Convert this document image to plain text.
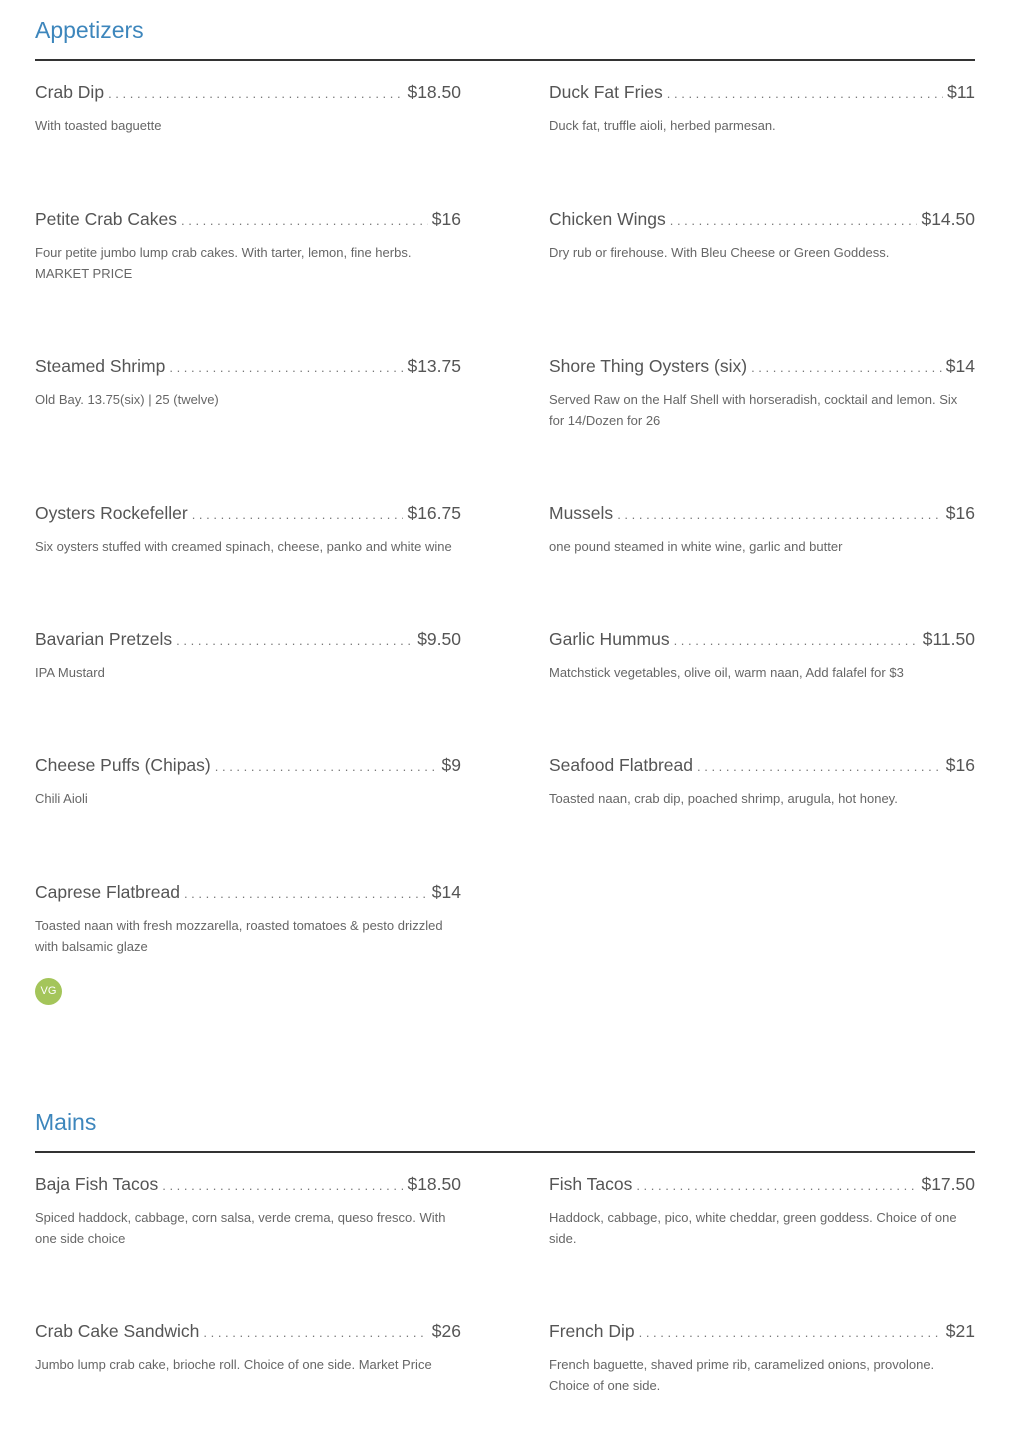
Appetizers
Crab Dip . . .	$18.50
With toasted baguette
Duck Fat Fries . . .	$11
Duck fat, truffle aioli, herbed parmesan.
Petite Crab Cakes . . .	$16
Four petite jumbo lump crab cakes. With tarter, lemon, fine herbs. MARKET PRICE
Chicken Wings . . .	$14.50
Dry rub or firehouse. With Bleu Cheese or Green Goddess.
Steamed Shrimp . . .	$13.75
Old Bay. 13.75(six) | 25 (twelve)
Shore Thing Oysters (six) . . .	$14
Served Raw on the Half Shell with horseradish, cocktail and lemon. Six for 14/Dozen for 26
Oysters Rockefeller . . .	$16.75
Six oysters stuffed with creamed spinach, cheese, panko and white wine
Mussels . . .	$16
one pound steamed in white wine, garlic and butter
Bavarian Pretzels . . .	$9.50
IPA Mustard
Garlic Hummus . . .	$11.50
Matchstick vegetables, olive oil, warm naan, Add falafel for $3
Cheese Puffs (Chipas) . . .	$9
Chili Aioli
Seafood Flatbread . . .	$16
Toasted naan, crab dip, poached shrimp, arugula, hot honey.
Caprese Flatbread . . .	$14
Toasted naan with fresh mozzarella, roasted tomatoes & pesto drizzled with balsamic glaze
VG
Mains
Baja Fish Tacos . . .	$18.50
Spiced haddock, cabbage, corn salsa, verde crema, queso fresco. With one side choice
Fish Tacos . . .	$17.50
Haddock, cabbage, pico, white cheddar, green goddess. Choice of one side.
Crab Cake Sandwich . . .	$26
Jumbo lump crab cake, brioche roll. Choice of one side. Market Price
French Dip . . .	$21
French baguette, shaved prime rib, caramelized onions, provolone. Choice of one side.
